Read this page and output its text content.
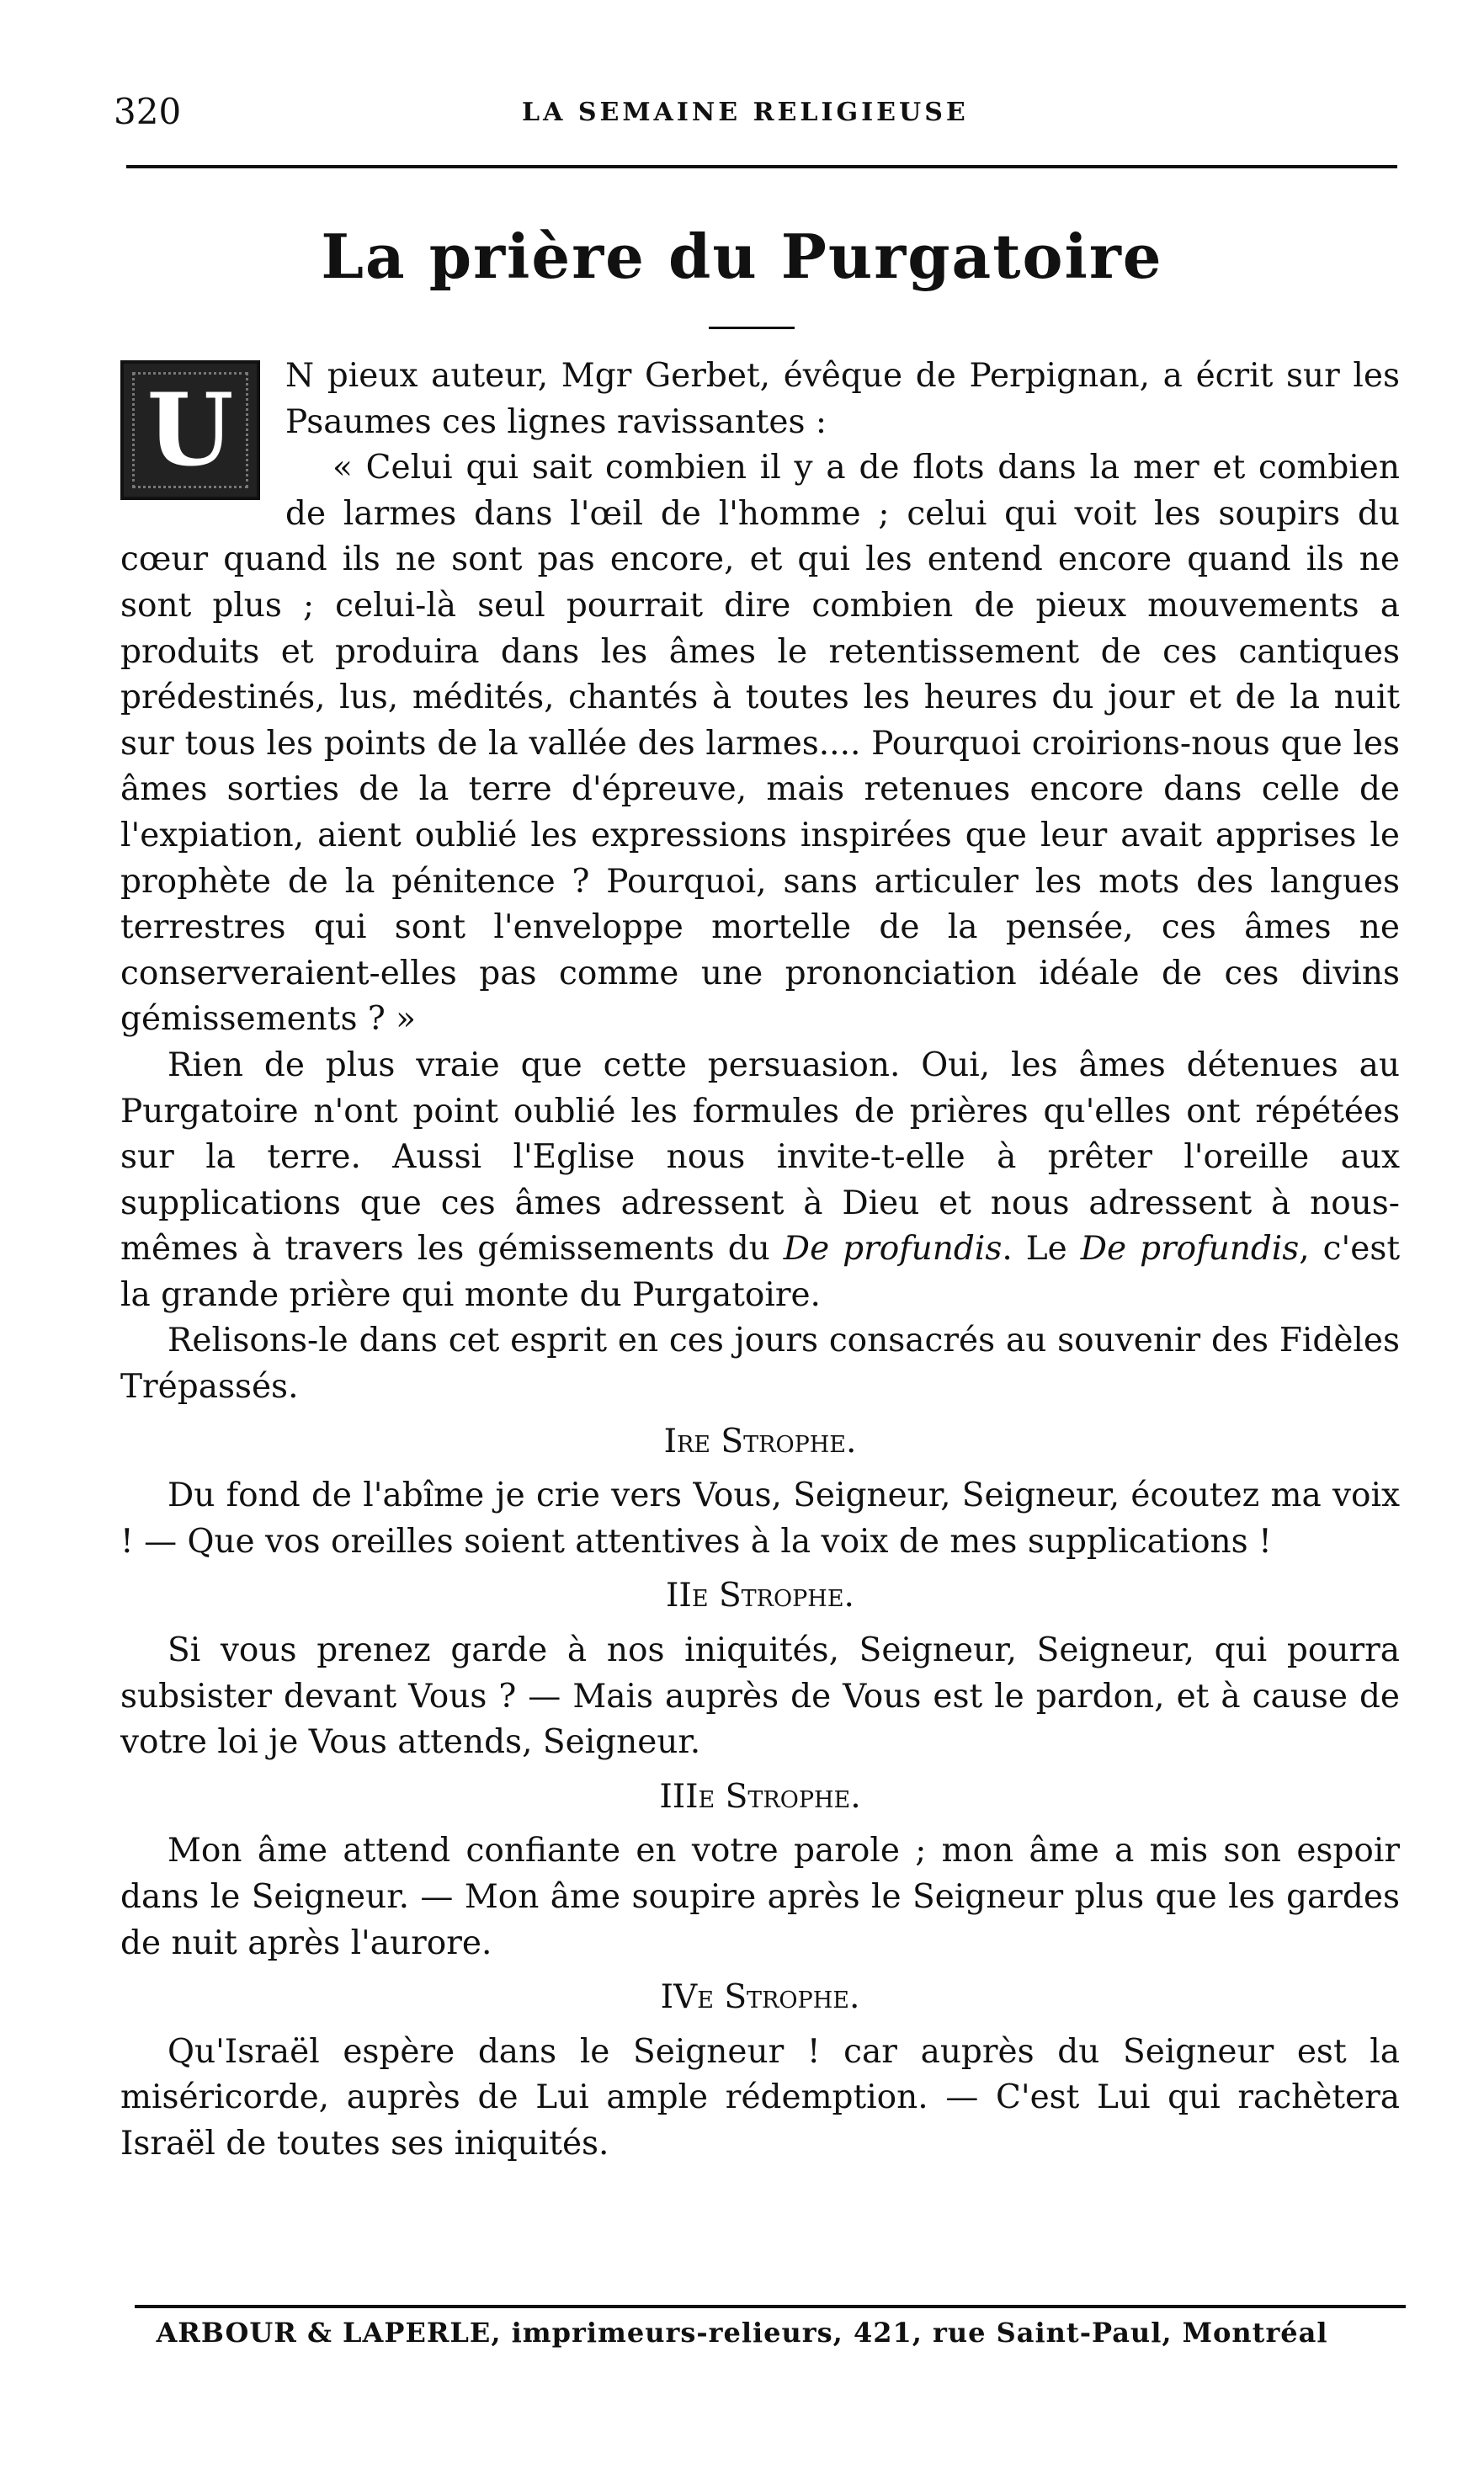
320	LA SEMAINE RELIGIEUSE
La prière du Purgatoire

U N pieux auteur, Mgr Gerbet, évêque de Perpignan, a écrit sur les Psaumes ces lignes ravissantes :

« Celui qui sait combien il y a de flots dans la mer et combien de larmes dans l'œil de l'homme ; celui qui voit les soupirs du cœur quand ils ne sont pas encore, et qui les entend encore quand ils ne sont plus ; celui-là seul pourrait dire combien de pieux mouvements a produits et produira dans les âmes le retentissement de ces cantiques prédestinés, lus, médités, chantés à toutes les heures du jour et de la nuit sur tous les points de la vallée des larmes.... Pourquoi croirions-nous que les âmes sorties de la terre d'épreuve, mais retenues encore dans celle de l'expiation, aient oublié les expressions inspirées que leur avait apprises le prophète de la pénitence ? Pourquoi, sans articuler les mots des langues terrestres qui sont l'enveloppe mortelle de la pensée, ces âmes ne conserveraient-elles pas comme une prononciation idéale de ces divins gémissements ? »

Rien de plus vraie que cette persuasion. Oui, les âmes détenues au Purgatoire n'ont point oublié les formules de prières qu'elles ont répétées sur la terre. Aussi l'Eglise nous invite-t-elle à prêter l'oreille aux supplications que ces âmes adressent à Dieu et nous adressent à nous-mêmes à travers les gémissements du De profundis. Le De profundis, c'est la grande prière qui monte du Purgatoire.

Relisons-le dans cet esprit en ces jours consacrés au souvenir des Fidèles Trépassés.

Ire Strophe.

Du fond de l'abîme je crie vers Vous, Seigneur, Seigneur, écoutez ma voix ! — Que vos oreilles soient attentives à la voix de mes supplications !

IIe Strophe.

Si vous prenez garde à nos iniquités, Seigneur, Seigneur, qui pourra subsister devant Vous ? — Mais auprès de Vous est le pardon, et à cause de votre loi je Vous attends, Seigneur.

IIIe Strophe.

Mon âme attend confiante en votre parole ; mon âme a mis son espoir dans le Seigneur. — Mon âme soupire après le Seigneur plus que les gardes de nuit après l'aurore.

IVe Strophe.

Qu'Israël espère dans le Seigneur ! car auprès du Seigneur est la miséricorde, auprès de Lui ample rédemption. — C'est Lui qui rachètera Israël de toutes ses iniquités.

ARBOUR & LAPERLE, imprimeurs-relieurs, 421, rue Saint-Paul, Montréal
